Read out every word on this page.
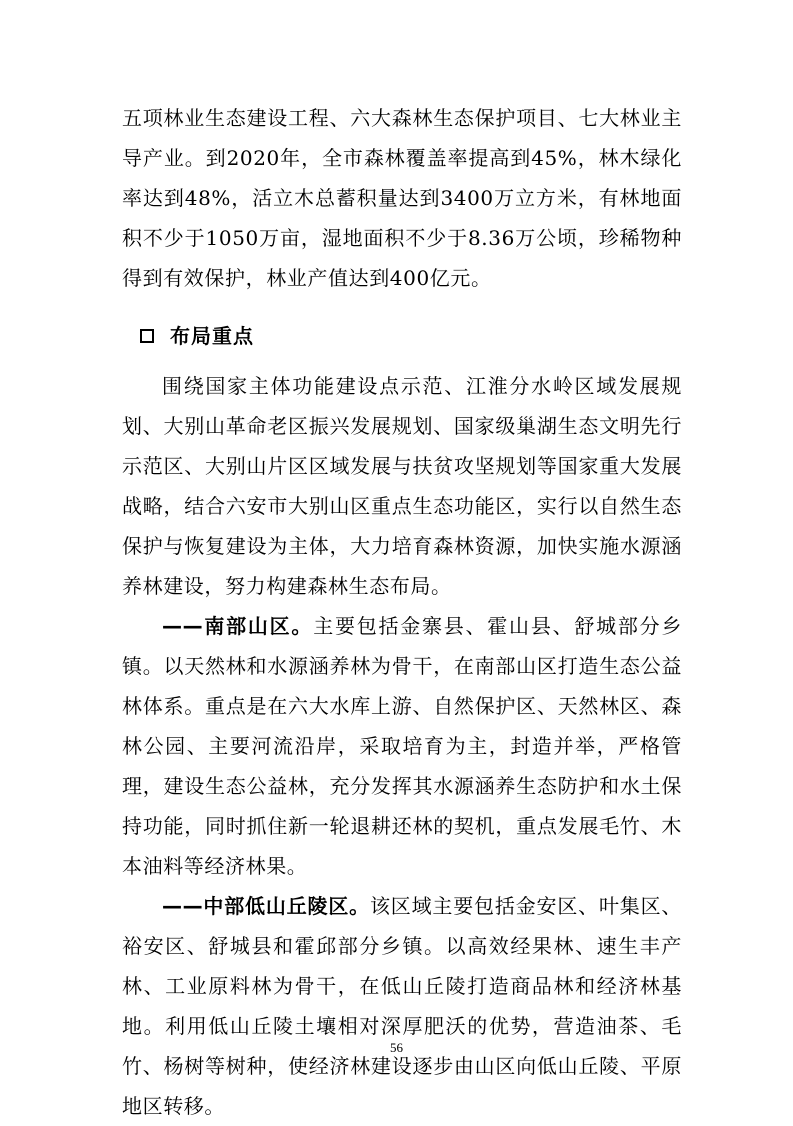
五项林业生态建设工程、六大森林生态保护项目、七大林业主导产业。到2020年，全市森林覆盖率提高到45%，林木绿化率达到48%，活立木总蓄积量达到3400万立方米，有林地面积不少于1050万亩，湿地面积不少于8.36万公顷，珍稀物种得到有效保护，林业产值达到400亿元。

布局重点

围绕国家主体功能建设点示范、江淮分水岭区域发展规划、大别山革命老区振兴发展规划、国家级巢湖生态文明先行示范区、大别山片区区域发展与扶贫攻坚规划等国家重大发展战略，结合六安市大别山区重点生态功能区，实行以自然生态保护与恢复建设为主体，大力培育森林资源，加快实施水源涵养林建设，努力构建森林生态布局。

——南部山区。主要包括金寨县、霍山县、舒城部分乡镇。以天然林和水源涵养林为骨干，在南部山区打造生态公益林体系。重点是在六大水库上游、自然保护区、天然林区、森林公园、主要河流沿岸，采取培育为主，封造并举，严格管理，建设生态公益林，充分发挥其水源涵养生态防护和水土保持功能，同时抓住新一轮退耕还林的契机，重点发展毛竹、木本油料等经济林果。

——中部低山丘陵区。该区域主要包括金安区、叶集区、裕安区、舒城县和霍邱部分乡镇。以高效经果林、速生丰产林、工业原料林为骨干，在低山丘陵打造商品林和经济林基地。利用低山丘陵土壤相对深厚肥沃的优势，营造油茶、毛竹、杨树等树种，使经济林建设逐步由山区向低山丘陵、平原地区转移。

56
